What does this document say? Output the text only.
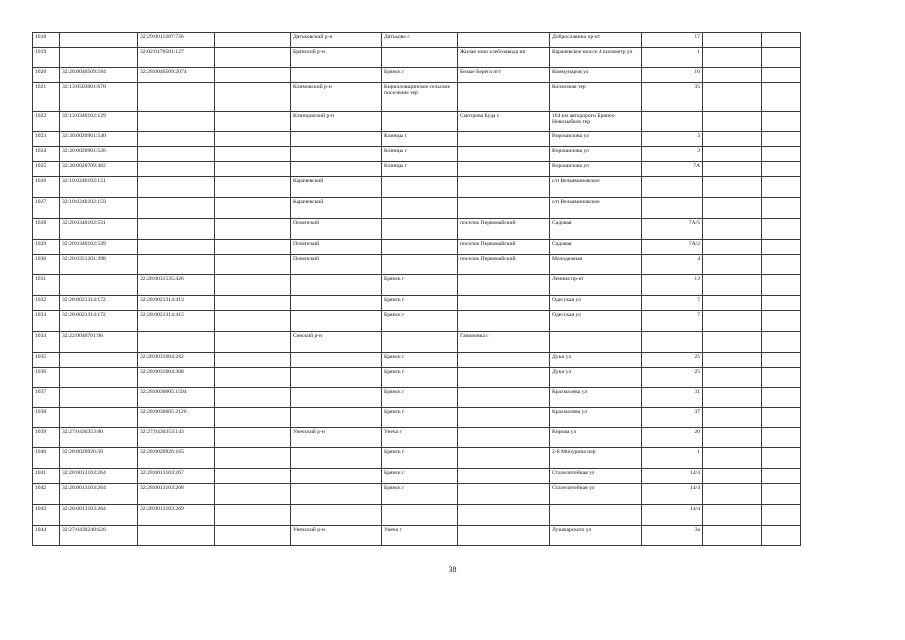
1018		32:29:0011207:736		Дятьковский р-н	Дятьково г		Доброславина пр-кт	17		
1019		32:02:0170501:127		Брянский р-н		Жилая зона хлебозавода нп	Карачевское шоссе 4 километр ул	1		
1020	32:28:0040509:584	32:28:0040509:2074			Брянск г	Белые Берега пгт	Коммунаров ул	10		
1021	32:13:0503001:670			Климовский р-н	Кирилловщинское сельское поселение тер		Колхозная тер	35		
1022	32:13:0340102:129			Клинцовский р-н		Смотрова Буда с	164 км автодороги Брянск-Новозыбков тер			
1023	32:30:0020901:540				Клинцы г		Ворошилова ул	3		
1024	32:30:0020901:526				Клинцы г		Ворошилова ул	3		
1025	32:30:0020709:482				Клинцы г		Ворошилова ул	7А		
1026	32:10:0240102:151			Карачевский			с/п Вельяминовское			
1027	32:10:0240102:159			Карачевский			с/п Вельяминовское			
1028	32:20:0340102:531			Почепский		поселок Первомайский	Садовая	7А/5		
1029	32:20:0340102:539			Почепский		поселок Первомайский	Садовая	7А/2		
1030	32:20:0351201:398			Почепский		поселок Первомайский	Молодежная	4		
1031		32:28:0031535:426			Брянск г		Ленина пр-кт	13		
1032	32:28:0021314:172	32:28:0021314:413			Брянск г		Одесская ул	7		
1033	32:28:0021314:172	32:28:0021314:415			Брянск г		Одесская ул	7		
1034	32:22:0040701:96			Севский р-н		Гапоновка с				
1035		32:28:0031604:282			Брянск г		Дуки ул	25		
1036		32:28:0031604:308			Брянск г		Дуки ул	25		
1037		32:28:0030605:1594			Брянск г		Крахмалева ул	31		
1038		32:28:0030605:2126			Брянск г		Крахмалева ул	37		
1039	32:27:0430353:80	32:27:0430353:143		Унечский р-н	Унеча г		Кирова ул	20		
1040	32:28:0020926:50	32:28:0020926:165			Брянск г		2-й Мичурина пер	1		
1041	32:28:0013103:264	32:28:0013103:267			Брянск г		Сталелитейная ул	14/4		
1042	32:28:0013103:264	32:28:0013103:268			Брянск г		Сталелитейная ул	14/4		
1043	32:28:0013103:264	32:28:0013103:269						14/4		
1044	32:27:0430248:626			Унечский р-н	Унеча г		Луначарского ул	3а		
38
